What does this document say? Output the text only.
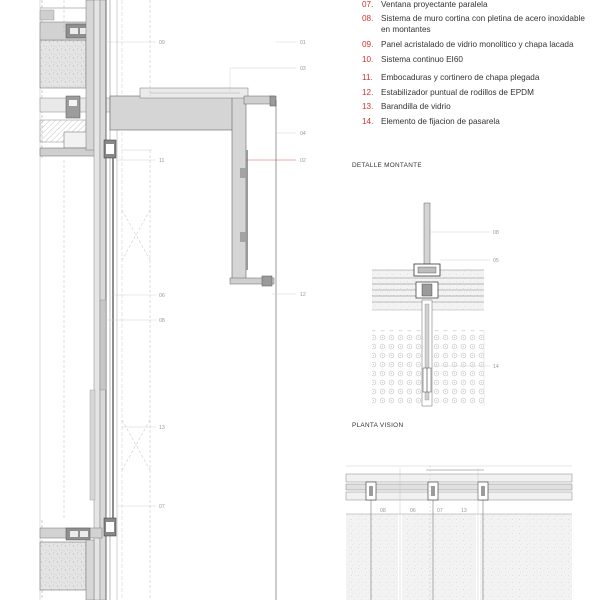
09	01
03
04
02
11
06
08
13
07
12
08
05
14
08	06	07	13
07. Ventana proyectante paralela
08. Sistema de muro cortina con pletina de acero inoxidable en montantes
09. Panel acristalado de vidrio monolitico y chapa lacada
10. Sistema continuo EI60
11. Embocaduras y cortinero de chapa plegada
12. Estabilizador puntual de rodillos de EPDM
13. Barandilla de vidrio
14. Elemento de fijacion de pasarela
DETALLE MONTANTE
PLANTA VISION
